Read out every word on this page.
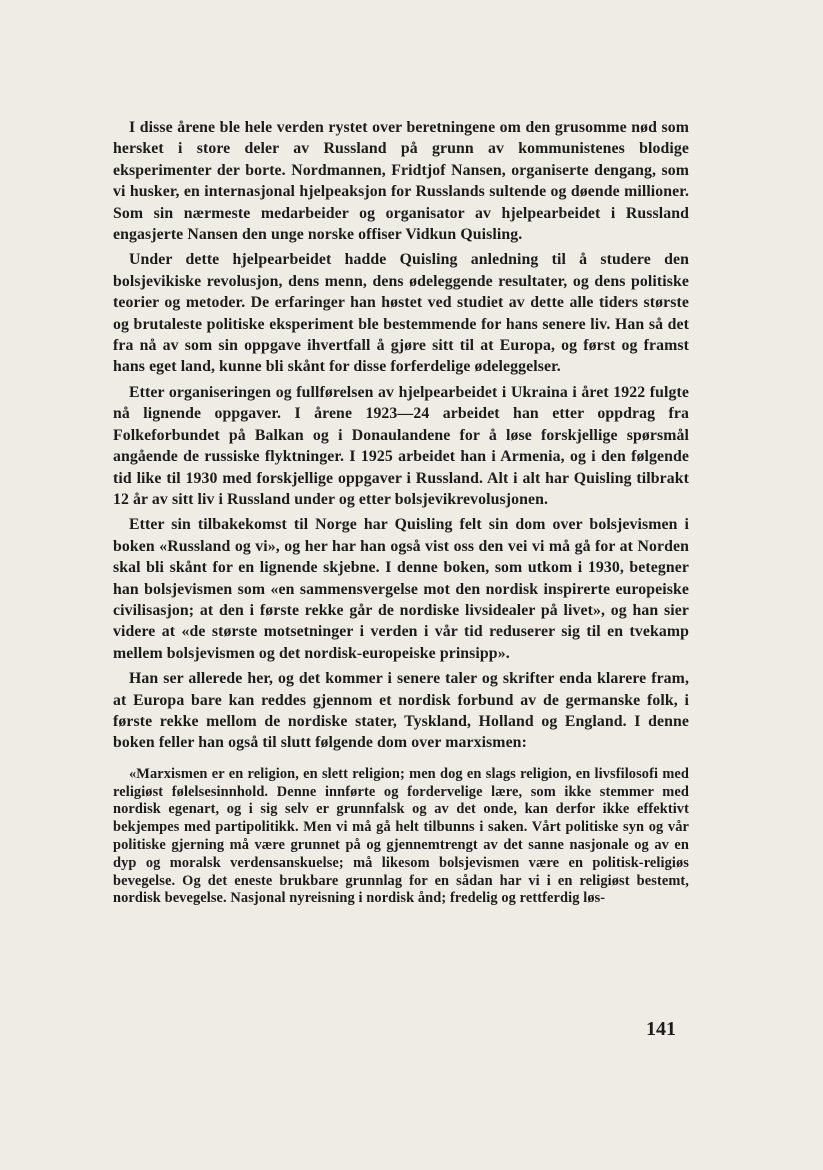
I disse årene ble hele verden rystet over beretningene om den grusomme nød som hersket i store deler av Russland på grunn av kommunistenes blodige eksperimenter der borte. Nordmannen, Fridtjof Nansen, organiserte dengang, som vi husker, en internasjonal hjelpeaksjon for Russlands sultende og døende millioner. Som sin nærmeste medarbeider og organisator av hjelpearbeidet i Russland engasjerte Nansen den unge norske offiser Vidkun Quisling.

Under dette hjelpearbeidet hadde Quisling anledning til å studere den bolsjevikiske revolusjon, dens menn, dens ødeleggende resultater, og dens politiske teorier og metoder. De erfaringer han høstet ved studiet av dette alle tiders største og brutaleste politiske eksperiment ble bestemmende for hans senere liv. Han så det fra nå av som sin oppgave ihvertfall å gjøre sitt til at Europa, og først og framst hans eget land, kunne bli skånt for disse forferdelige ødeleggelser.

Etter organiseringen og fullførelsen av hjelpearbeidet i Ukraina i året 1922 fulgte nå lignende oppgaver. I årene 1923—24 arbeidet han etter oppdrag fra Folkeforbundet på Balkan og i Donaulandene for å løse forskjellige spørsmål angående de russiske flyktninger. I 1925 arbeidet han i Armenia, og i den følgende tid like til 1930 med forskjellige oppgaver i Russland. Alt i alt har Quisling tilbrakt 12 år av sitt liv i Russland under og etter bolsjevikrevolusjonen.

Etter sin tilbakekomst til Norge har Quisling felt sin dom over bolsjevismen i boken «Russland og vi», og her har han også vist oss den vei vi må gå for at Norden skal bli skånt for en lignende skjebne. I denne boken, som utkom i 1930, betegner han bolsjevismen som «en sammensvergelse mot den nordisk inspirerte europeiske civilisasjon; at den i første rekke går de nordiske livsidealer på livet», og han sier videre at «de største motsetninger i verden i vår tid reduserer sig til en tvekamp mellem bolsjevismen og det nordisk-europeiske prinsipp».

Han ser allerede her, og det kommer i senere taler og skrifter enda klarere fram, at Europa bare kan reddes gjennom et nordisk forbund av de germanske folk, i første rekke mellom de nordiske stater, Tyskland, Holland og England. I denne boken feller han også til slutt følgende dom over marxismen:

«Marxismen er en religion, en slett religion; men dog en slags religion, en livsfilosofi med religiøst følelsesinnhold. Denne innførte og fordervelige lære, som ikke stemmer med nordisk egenart, og i sig selv er grunnfalsk og av det onde, kan derfor ikke effektivt bekjempes med partipolitikk. Men vi må gå helt tilbunns i saken. Vårt politiske syn og vår politiske gjerning må være grunnet på og gjennemtrengt av det sanne nasjonale og av en dyp og moralsk verdensanskuelse; må likesom bolsjevismen være en politisk-religiøs bevegelse. Og det eneste brukbare grunnlag for en sådan har vi i en religiøst bestemt, nordisk bevegelse. Nasjonal nyreisning i nordisk ånd; fredelig og rettferdig løs-

141
